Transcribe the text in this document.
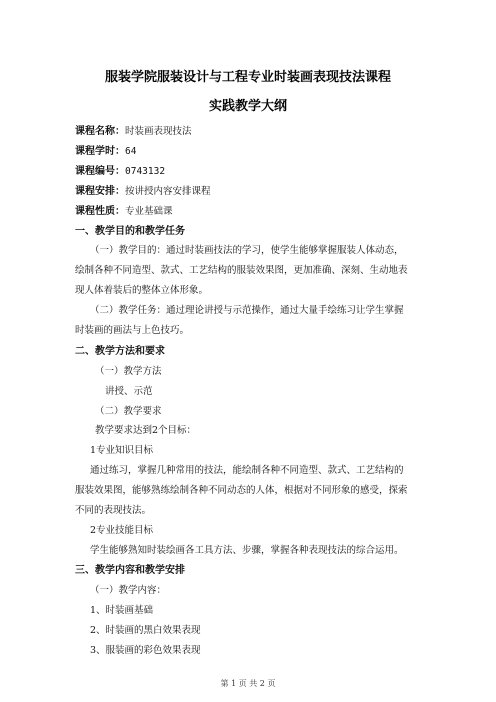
服装学院服装设计与工程专业时装画表现技法课程
实践教学大纲
课程名称：时装画表现技法
课程学时：64
课程编号：0743132
课程安排：按讲授内容安排课程
课程性质：专业基础课
一、教学目的和教学任务
（一）教学目的：通过时装画技法的学习，使学生能够掌握服装人体动态，
绘制各种不同造型、款式、工艺结构的服装效果图，更加准确、深刻、生动地表
现人体着装后的整体立体形象。
（二）教学任务：通过理论讲授与示范操作，通过大量手绘练习让学生掌握
时装画的画法与上色技巧。
二、教学方法和要求
（一）教学方法
讲授、示范
（二）教学要求
教学要求达到2个目标：
1专业知识目标
通过练习，掌握几种常用的技法，能绘制各种不同造型、款式、工艺结构的
服装效果图，能够熟练绘制各种不同动态的人体，根据对不同形象的感受，探索
不同的表现技法。
2专业技能目标
学生能够熟知时装绘画各工具方法、步骤，掌握各种表现技法的综合运用。
三、教学内容和教学安排
（一）教学内容：
1、时装画基础
2、时装画的黑白效果表现
3、服装画的彩色效果表现
第 1 页 共 2 页
